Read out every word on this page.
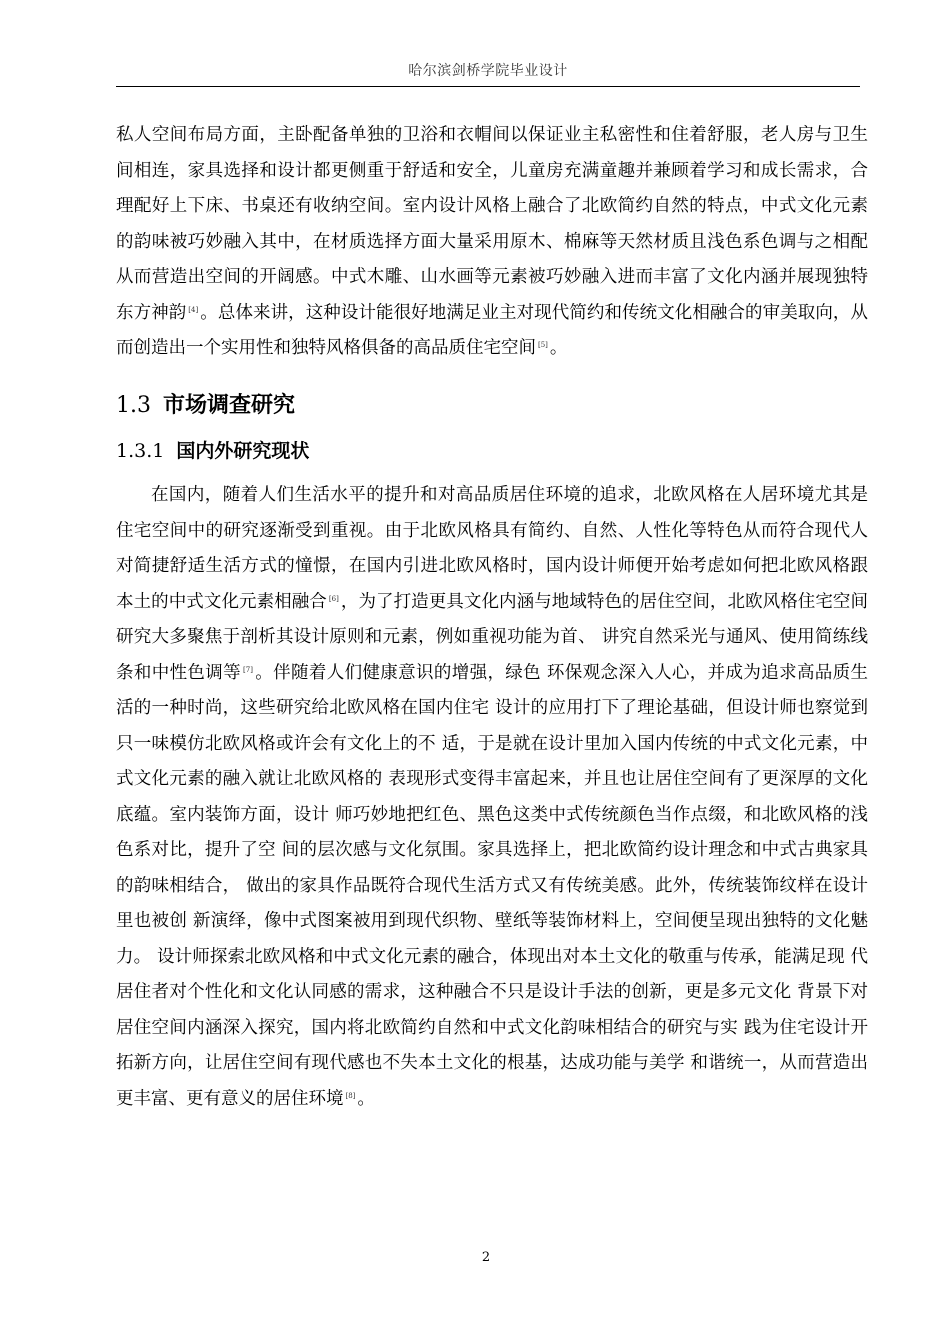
哈尔滨剑桥学院毕业设计

私人空间布局方面，主卧配备单独的卫浴和衣帽间以保证业主私密性和住着舒服，老人房与卫生间相连，家具选择和设计都更侧重于舒适和安全，儿童房充满童趣并兼顾着学习和成长需求，合理配好上下床、书桌还有收纳空间。室内设计风格上融合了北欧简约自然的特点，中式文化元素的韵味被巧妙融入其中，在材质选择方面大量采用原木、棉麻等天然材质且浅色系色调与之相配从而营造出空间的开阔感。中式木雕、山水画等元素被巧妙融入进而丰富了文化内涵并展现独特东方神韵 [4] 。总体来讲，这种设计能很好地满足业主对现代简约和传统文化相融合的审美取向，从而创造出一个实用性和独特风格俱备的高品质住宅空间 [5] 。

1.3 市场调查研究
1.3.1 国内外研究现状

在国内，随着人们生活水平的提升和对高品质居住环境的追求，北欧风格在人居环境尤其是住宅空间中的研究逐渐受到重视。由于北欧风格具有简约、自然、人性化等特色从而符合现代人对简捷舒适生活方式的憧憬，在国内引进北欧风格时，国内设计师便开始考虑如何把北欧风格跟本土的中式文化元素相融合 [6] ，为了打造更具文化内涵与地域特色的居住空间，北欧风格住宅空间研究大多聚焦于剖析其设计原则和元素，例如重视功能为首、 讲究自然采光与通风、使用简练线条和中性色调等 [7] 。伴随着人们健康意识的增强，绿色 环保观念深入人心，并成为追求高品质生活的一种时尚，这些研究给北欧风格在国内住宅 设计的应用打下了理论基础，但设计师也察觉到只一味模仿北欧风格或许会有文化上的不 适，于是就在设计里加入国内传统的中式文化元素，中式文化元素的融入就让北欧风格的 表现形式变得丰富起来，并且也让居住空间有了更深厚的文化底蕴。室内装饰方面，设计 师巧妙地把红色、黑色这类中式传统颜色当作点缀，和北欧风格的浅色系对比，提升了空 间的层次感与文化氛围。家具选择上，把北欧简约设计理念和中式古典家具的韵味相结合， 做出的家具作品既符合现代生活方式又有传统美感。此外，传统装饰纹样在设计里也被创 新演绎，像中式图案被用到现代织物、壁纸等装饰材料上，空间便呈现出独特的文化魅力。 设计师探索北欧风格和中式文化元素的融合，体现出对本土文化的敬重与传承，能满足现 代居住者对个性化和文化认同感的需求，这种融合不只是设计手法的创新，更是多元文化 背景下对居住空间内涵深入探究，国内将北欧简约自然和中式文化韵味相结合的研究与实 践为住宅设计开拓新方向，让居住空间有现代感也不失本土文化的根基，达成功能与美学 和谐统一，从而营造出更丰富、更有意义的居住环境 [8] 。

2
